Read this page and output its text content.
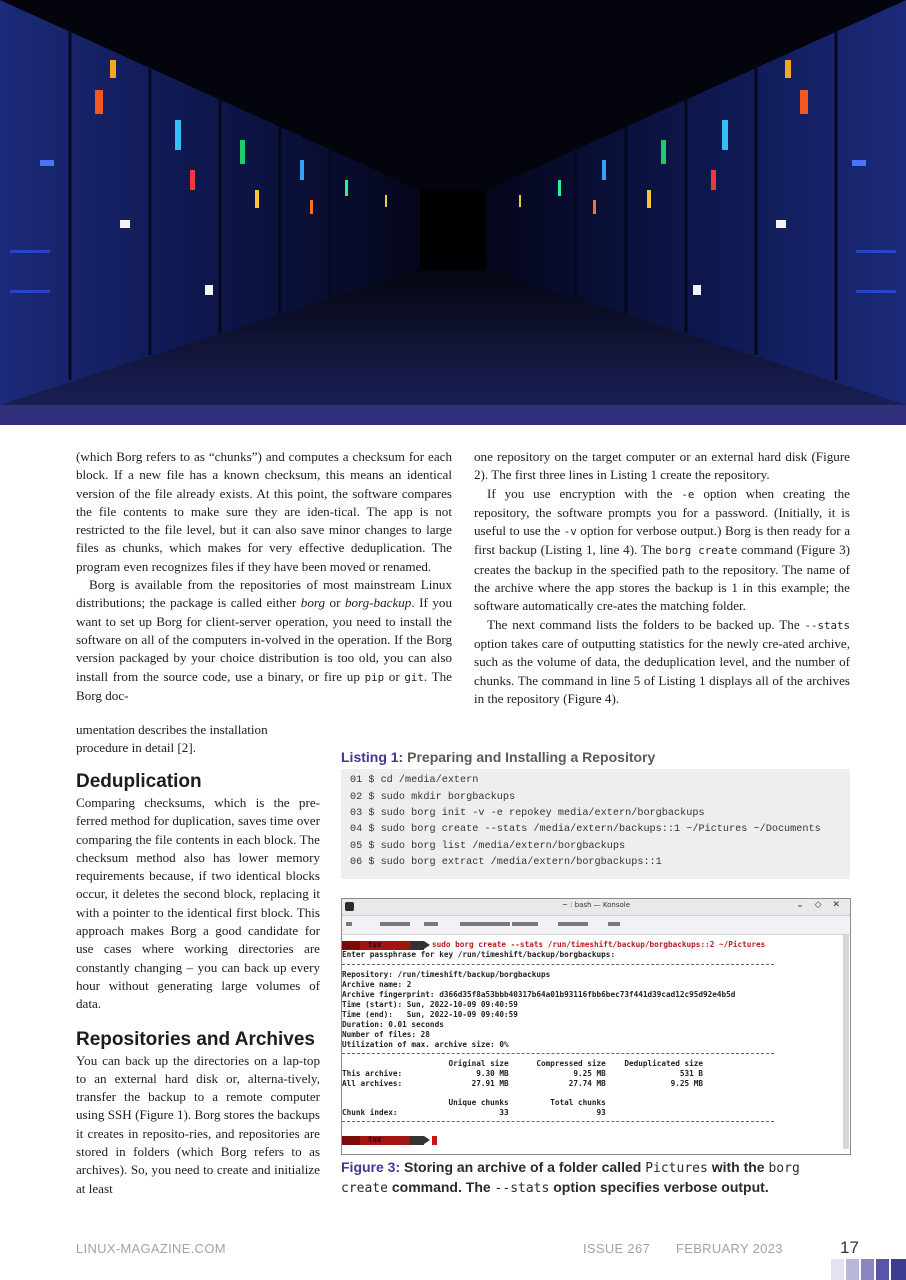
(which Borg refers to as “chunks”) and computes a checksum for each block. If a new file has a known checksum, this means an identical version of the file already exists. At this point, the software compares the file contents to make sure they are iden-tical. The app is not restricted to the file level, but it can also save minor changes to large files as chunks, which makes for very effective deduplication. The program even recognizes files if they have been moved or renamed.

Borg is available from the repositories of most mainstream Linux distributions; the package is called either borg or borg-backup. If you want to set up Borg for client-server operation, you need to install the software on all of the computers in-volved in the operation. If the Borg version packaged by your choice distribution is too old, you can also install from the source code, use a binary, or fire up pip or git. The Borg doc-

umentation describes the installation procedure in detail [2].

Deduplication

Comparing checksums, which is the pre-ferred method for duplication, saves time over comparing the file contents in each block. The checksum method also has lower memory requirements because, if two identical blocks occur, it deletes the second block, replacing it with a pointer to the identical first block. This approach makes Borg a good candidate for use cases where working directories are constantly changing – you can back up every hour without generating large volumes of data.

Repositories and Archives

You can back up the directories on a lap-top to an external hard disk or, alterna-tively, transfer the backup to a remote computer using SSH (Figure 1). Borg stores the backups it creates in reposito-ries, and repositories are stored in folders (which Borg refers to as archives). So, you need to create and initialize at least

one repository on the target computer or an external hard disk (Figure 2). The first three lines in Listing 1 create the repository.

If you use encryption with the -e option when creating the repository, the software prompts you for a password. (Initially, it is useful to use the -v option for verbose output.) Borg is then ready for a first backup (Listing 1, line 4). The borg create command (Figure 3) creates the backup in the specified path to the repository. The name of the archive where the app stores the backup is 1 in this example; the software automatically cre-ates the matching folder.

The next command lists the folders to be backed up. The --stats option takes care of outputting statistics for the newly cre-ated archive, such as the volume of data, the deduplication level, and the number of chunks. The command in line 5 of Listing 1 displays all of the archives in the repository (Figure 4).

Listing 1: Preparing and Installing a Repository
01 $ cd /media/extern
02 $ sudo mkdir borgbackups
03 $ sudo borg init -v -e repokey media/extern/borgbackups
04 $ sudo borg create --stats /media/extern/backups::1 ~/Pictures ~/Documents
05 $ sudo borg list /media/extern/borgbackups
06 $ sudo borg extract /media/extern/borgbackups::1
~ : bash — Konsole	⌄ ◇ ✕
tux	sudo borg create --stats /run/timeshift/backup/borgbackups::2 ~/Pictures
Enter passphrase for key /run/timeshift/backup/borgbackups:
Repository: /run/timeshift/backup/borgbackups
Archive name: 2
Archive fingerprint: d366d35f8a53bbb40317b64a01b93116fbb6bec73f441d39cad12c95d92e4b5d
Time (start): Sun, 2022-10-09 09:40:59
Time (end):   Sun, 2022-10-09 09:40:59
Duration: 0.01 seconds
Number of files: 28
Utilization of max. archive size: 0%
Original size      Compressed size    Deduplicated size
This archive:                9.30 MB              9.25 MB                531 B
All archives:               27.91 MB             27.74 MB              9.25 MB
Unique chunks         Total chunks
Chunk index:                      33                   93
tux
Figure 3: Storing an archive of a folder called Pictures with the borg create command. The --stats option specifies verbose output.
LINUX-MAGAZINE.COM	ISSUE 267 FEBRUARY 2023	17
